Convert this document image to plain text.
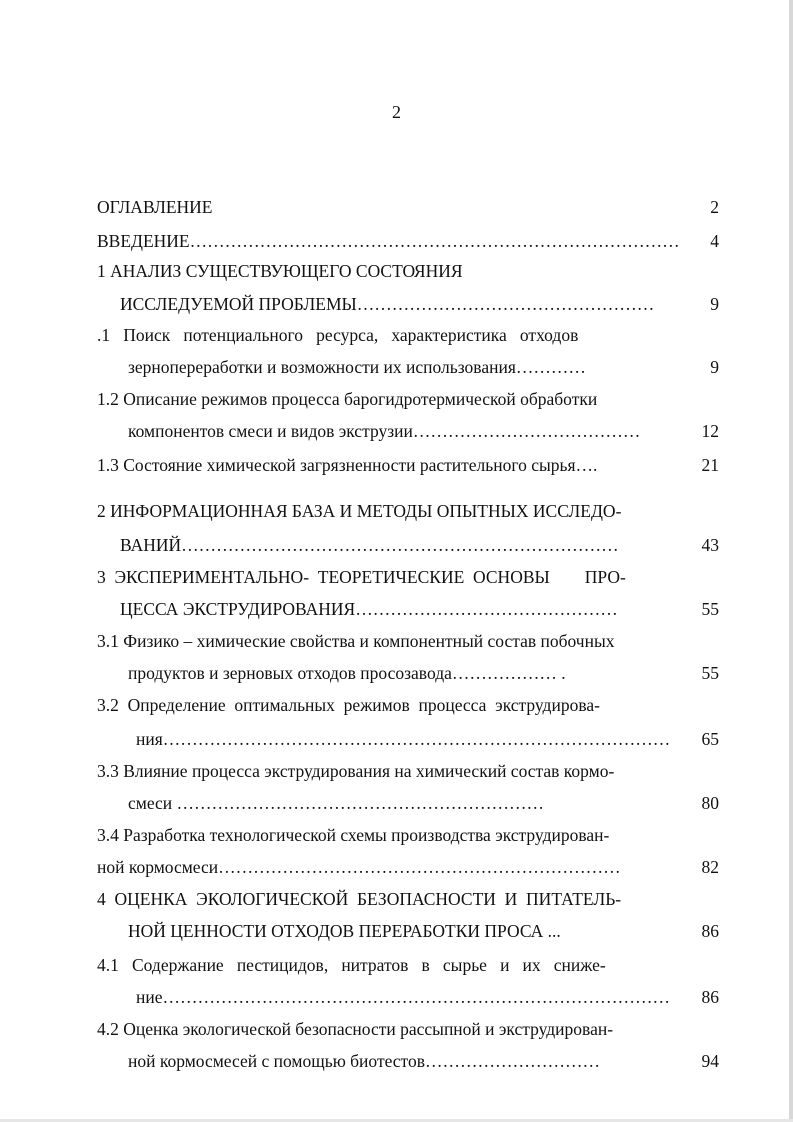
2
ОГЛАВЛЕНИЕ	2
ВВЕДЕНИЕ………………………………………………………………………… 4
1 АНАЛИЗ СУЩЕСТВУЮЩЕГО СОСТОЯНИЯ
ИССЛЕДУЕМОЙ ПРОБЛЕМЫ……………………………………………	9
.1   Поиск   потенциального   ресурса,   характеристика   отходов
зернопереработки и возможности их использования…………	9
1.2 Описание режимов процесса барогидротермической обработки
компонентов смеси и видов экструзии…………………………………	12
1.3 Состояние химической загрязненности растительного сырья….	21
2 ИНФОРМАЦИОННАЯ БАЗА И МЕТОДЫ ОПЫТНЫХ ИССЛЕДО-
ВАНИЙ…………………………………………………………………	43
3  ЭКСПЕРИМЕНТАЛЬНО-  ТЕОРЕТИЧЕСКИЕ  ОСНОВЫ        ПРО-
ЦЕССА ЭКСТРУДИРОВАНИЯ………………………………………	55
3.1 Физико – химические свойства и компонентный состав побочных
продуктов и зерновых отходов просозавода……………… .	55
3.2  Определение  оптимальных  режимов  процесса  экструдирова-
ния…………………………………………………………………………… 65
3.3 Влияние процесса экструдирования на химический состав кормо-
смеси ………………………………………………………	80
3.4 Разработка технологической схемы производства экструдирован-
ной кормосмеси……………………………………………………………	82
4  ОЦЕНКА  ЭКОЛОГИЧЕСКОЙ  БЕЗОПАСНОСТИ  И  ПИТАТЕЛЬ-
НОЙ ЦЕННОСТИ ОТХОДОВ ПЕРЕРАБОТКИ ПРОСА ...	86
4.1   Содержание   пестицидов,   нитратов   в   сырье   и   их   сниже-
ние…………………………………………………………………………… 86
4.2 Оценка экологической безопасности рассыпной и экструдирован-
ной кормосмесей с помощью биотестов…………………………	94
